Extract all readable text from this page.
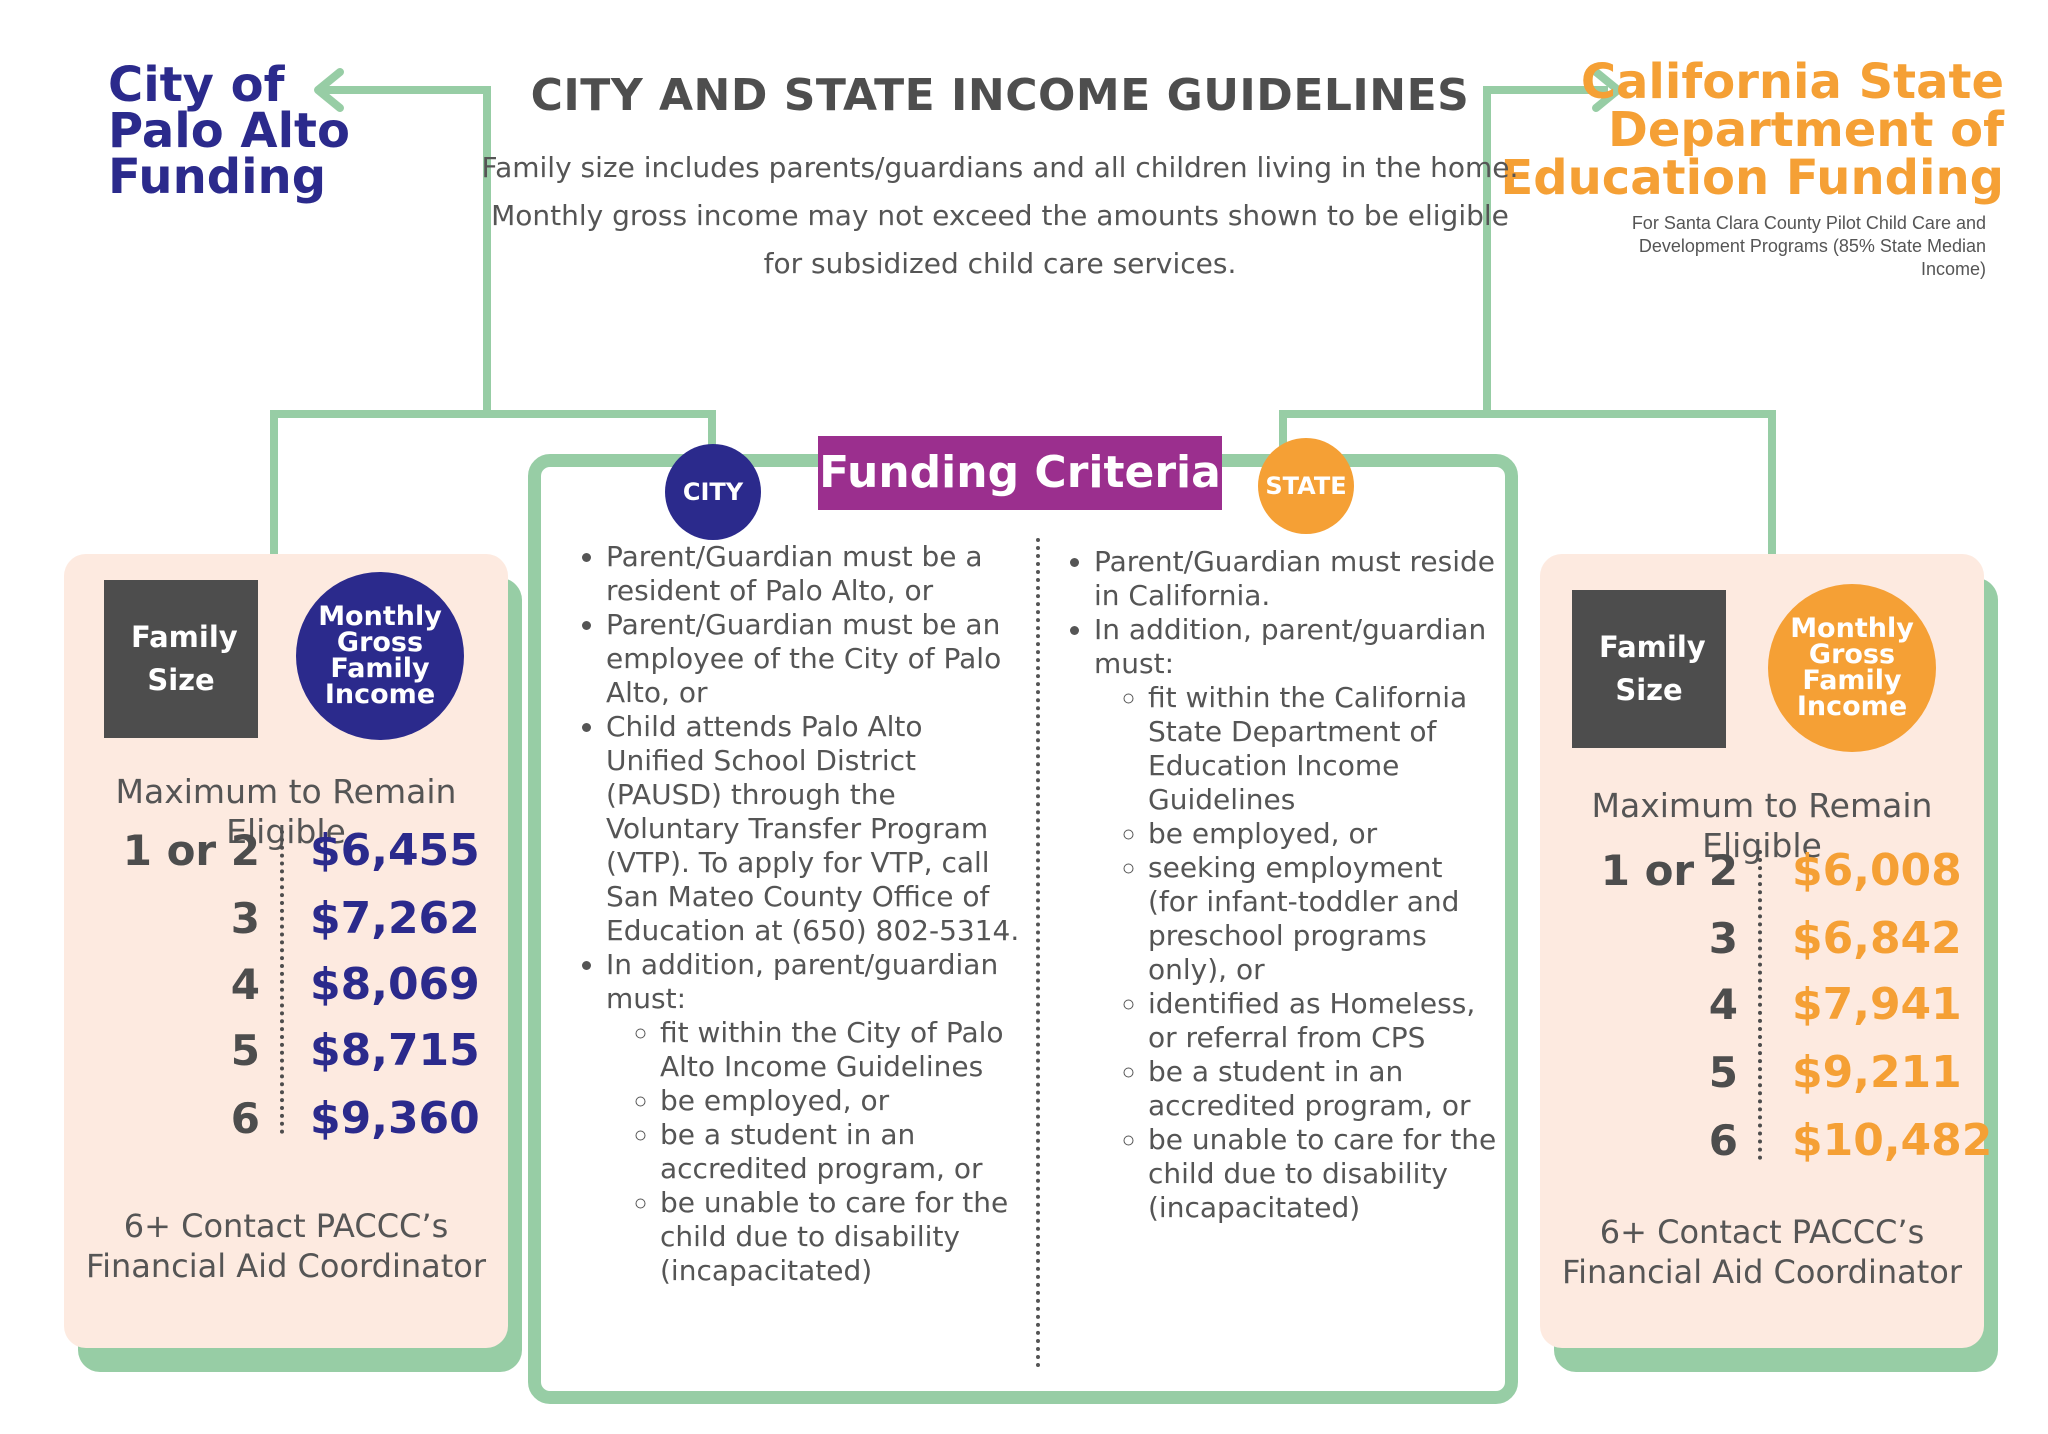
City of Palo Alto Funding
California State Department of Education Funding
For Santa Clara County Pilot Child Care and Development Programs (85% State Median Income)
CITY AND STATE INCOME GUIDELINES
Family size includes parents/guardians and all children living in the home. Monthly gross income may not exceed the amounts shown to be eligible for subsidized child care services.
Family Size
Monthly Gross Family Income
Maximum to Remain Eligible
1 or 2 $6,455
3 $7,262
4 $8,069
5 $8,715
6 $9,360
6+ Contact PACCC’s Financial Aid Coordinator
Family Size
Monthly Gross Family Income
Maximum to Remain Eligible
1 or 2 $6,008
3 $6,842
4 $7,941
5 $9,211
6 $10,482
6+ Contact PACCC’s Financial Aid Coordinator
Funding Criteria
CITY	STATE
• Parent/Guardian must be a resident of Palo Alto, or
• Parent/Guardian must be an employee of the City of Palo Alto, or
• Child attends Palo Alto Unified School District (PAUSD) through the Voluntary Transfer Program (VTP). To apply for VTP, call San Mateo County Office of Education at (650) 802-5314.
• In addition, parent/guardian must:
◦ fit within the City of Palo Alto Income Guidelines
◦ be employed, or
◦ be a student in an accredited program, or
◦ be unable to care for the child due to disability (incapacitated)
• Parent/Guardian must reside in California.
• In addition, parent/guardian must:
◦ fit within the California State Department of Education Income Guidelines
◦ be employed, or
◦ seeking employment (for infant-toddler and preschool programs only), or
◦ identified as Homeless, or referral from CPS
◦ be a student in an accredited program, or
◦ be unable to care for the child due to disability (incapacitated)
